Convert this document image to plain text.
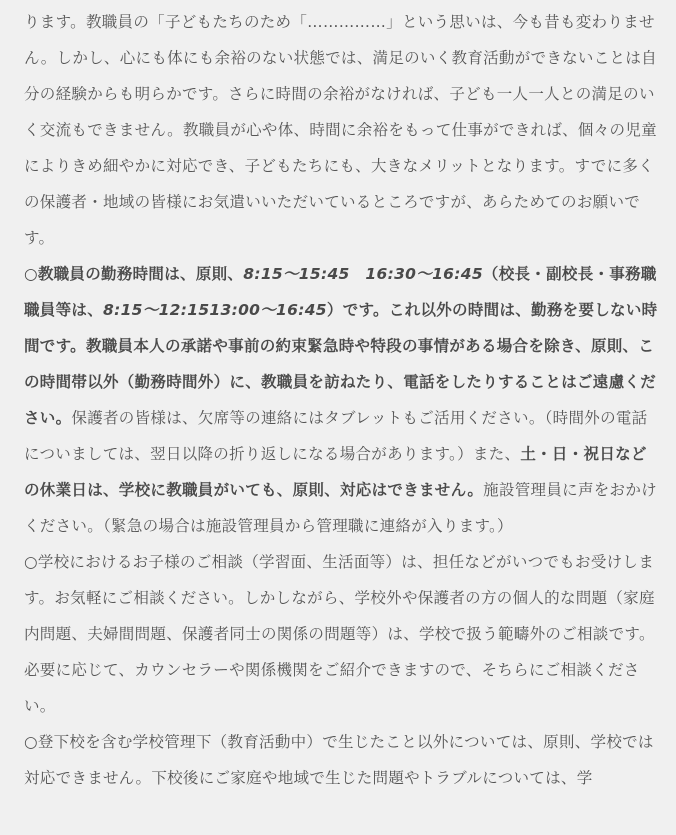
ります。教職員の「子どもたちのため「……………」という思いは、今も昔も変わりません。しかし、心にも体にも余裕のない状態では、満足のいく教育活動ができないことは自分の経験からも明らかです。さらに時間の余裕がなければ、子ども一人一人との満足のいく交流もできません。教職員が心や体、時間に余裕をもって仕事ができれば、個々の児童によりきめ細やかに対応でき、子どもたちにも、大きなメリットとなります。すでに多くの保護者・地域の皆様にお気遣いいただいているところですが、あらためてのお願いです。

○教職員の勤務時間は、原則、8:15〜15:45　16:30〜16:45（校長・副校長・事務職職員等は、8:15〜12:1513:00〜16:45）です。これ以外の時間は、勤務を要しない時間です。教職員本人の承諾や事前の約束緊急時や特段の事情がある場合を除き、原則、この時間帯以外（勤務時間外）に、教職員を訪ねたり、電話をしたりすることはご遠慮ください。保護者の皆様は、欠席等の連絡にはタブレットもご活用ください。（時間外の電話につい​ましては、翌日以降の折り返しになる場合がありま​す。）また、土・日・祝日などの休業日は、学校に教職員がいても、原則、対応はできません。施設管理員に声をおかけください。（緊急の場合は施設管理員から管理職に連絡が入ります。）

○学校におけるお子様のご相談（学習面、生活面等）は、担任などがいつでもお受けします。お気軽にご相談ください。しかしながら、学校外や保護者の方の個人的な問題（家庭内問題、夫婦間問題、保護者同士の関係の問題等）は、学校で扱う範疇外のご相談です。必要に応じて、カウンセラーや関係機関をご紹介できますので、そちらにご相談ください。

○登下校を含む学校管理下（教育活動中）で生じたこと以外については、原則、学校では対応できません。下校後にご家庭や地域で生じた問題やトラブルについては、学
